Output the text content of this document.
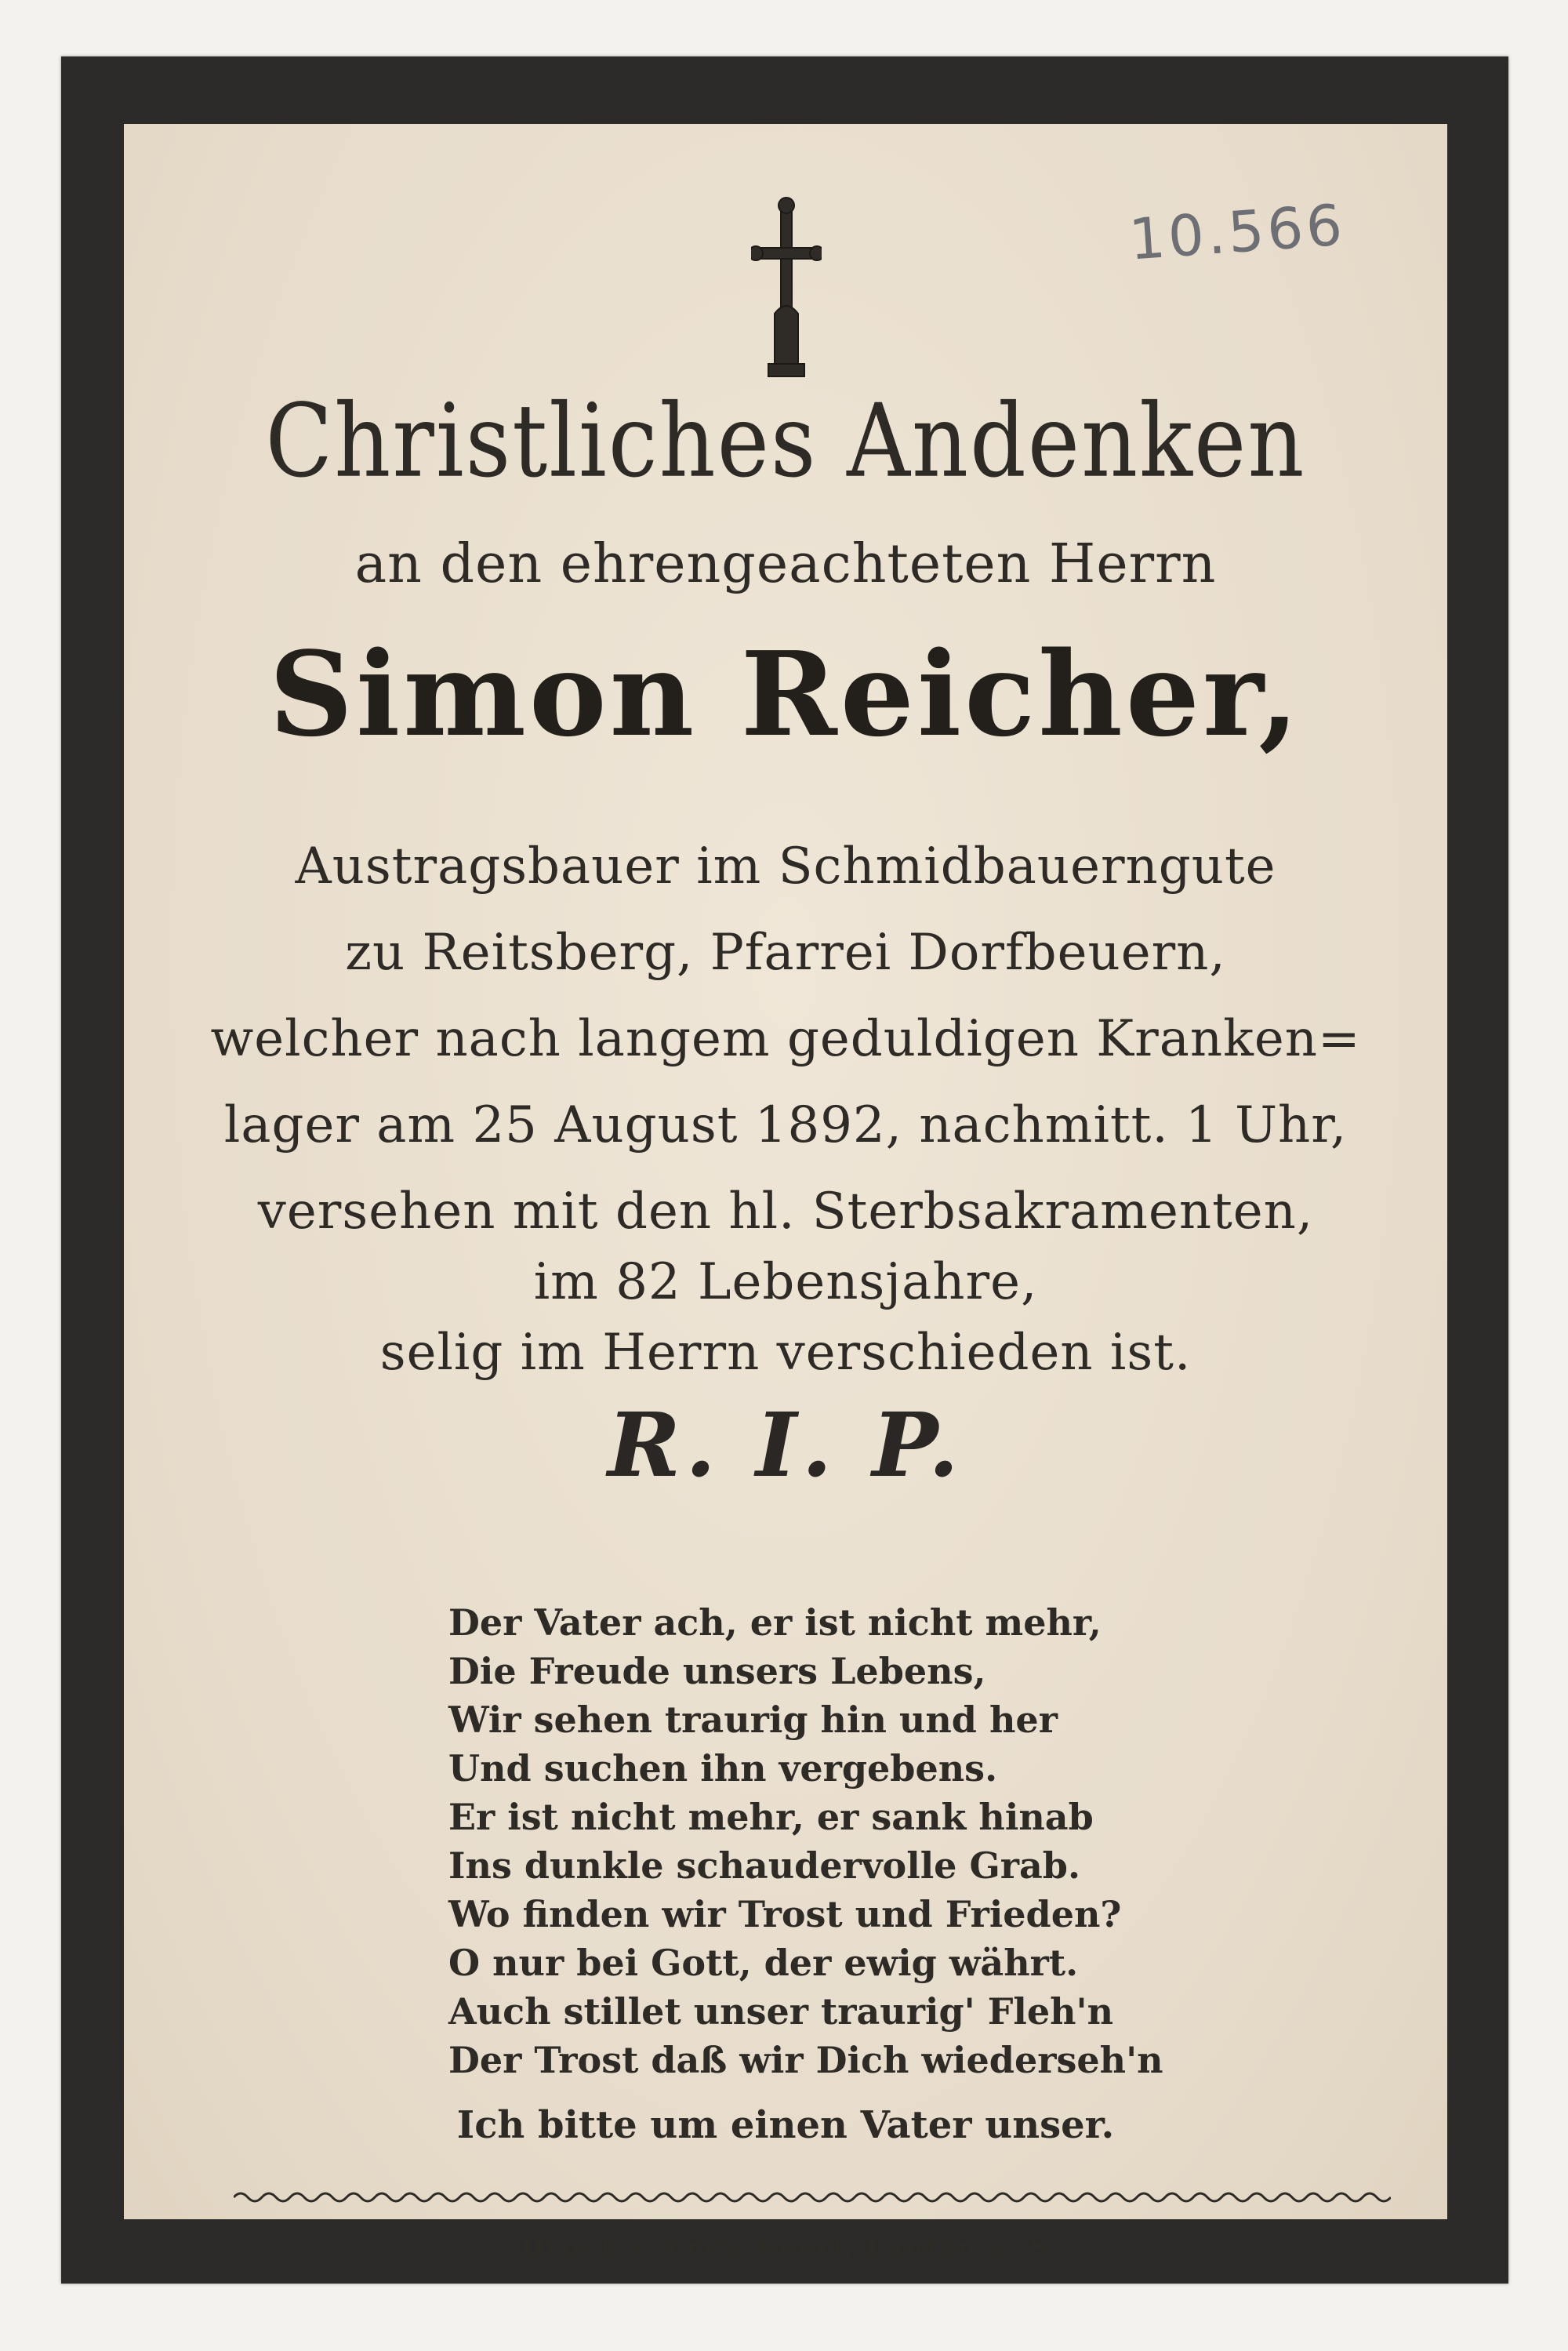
10.566
Christliches Andenken
an den ehrengeachteten Herrn
Simon Reicher,
Austragsbauer im Schmidbauerngute
zu Reitsberg, Pfarrei Dorfbeuern,
welcher nach langem geduldigen Kranken=
lager am 25 August 1892, nachmitt. 1 Uhr,
versehen mit den hl. Sterbsakramenten,
im 82 Lebensjahre,
selig im Herrn verschieden ist.
R. I. P.
Der Vater ach, er ist nicht mehr,
Die Freude unsers Lebens,
Wir sehen traurig hin und her
Und suchen ihn vergebens.
Er ist nicht mehr, er sank hinab
Ins dunkle schaudervolle Grab.
Wo finden wir Trost und Frieden?
O nur bei Gott, der ewig währt.
Auch stillet unser traurig' Fleh'n
Der Trost daß wir Dich wiederseh'n
Ich bitte um einen Vater unser.
Druck v. Fritz Keerl, Laufen a. S
